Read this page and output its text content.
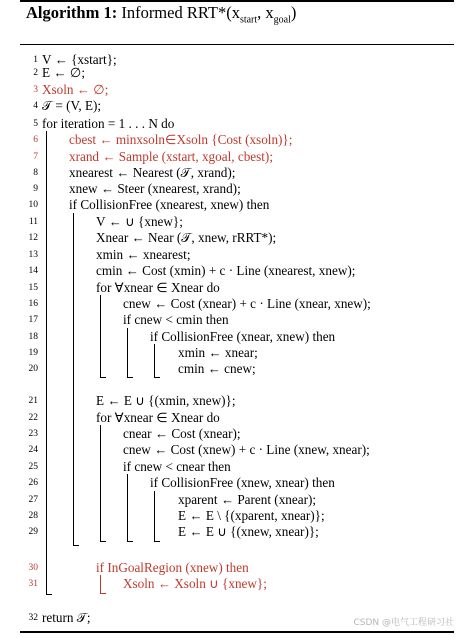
Algorithm 1: Informed $RRT*(x_{start}$, $x_{goal}$)
1 V ← {xstart};
2 E ← ∅;
3 Xsoln ← ∅;
4 𝒯 = (V, E);
5 for iteration = 1 . . . N do
6 cbest ← minxsoln∈Xsoln {Cost (xsoln)};
7 xrand ← Sample (xstart, xgoal, cbest);
8 xnearest ← Nearest (𝒯, xrand);
9 xnew ← Steer (xnearest, xrand);
10 if CollisionFree (xnearest, xnew) then
11	V ← ∪ {xnew};
12	Xnear ← Near (𝒯, xnew, rRRT*);
13	xmin ← xnearest;
14	cmin ← Cost (xmin) + c · Line (xnearest, xnew);
15	for ∀xnear ∈ Xnear do
16	cnew ← Cost (xnear) + c · Line (xnear, xnew);
17	if cnew < cmin then
18	if CollisionFree (xnear, xnew) then
19	xmin ← xnear;
20	cmin ← cnew;
21	E ← E ∪ {(xmin, xnew)};
22	for ∀xnear ∈ Xnear do
23	cnear ← Cost (xnear);
24	cnew ← Cost (xnew) + c · Line (xnew, xnear);
25	if cnew < cnear then
26	if CollisionFree (xnew, xnear) then
27	xparent ← Parent (xnear);
28	E ← E \ {(xparent, xnear)};
29	E ← E ∪ {(xnew, xnear)};
30	if InGoalRegion (xnew) then
31	Xsoln ← Xsoln ∪ {xnew};
32 return 𝒯;	CSDN @电气工程研习社
